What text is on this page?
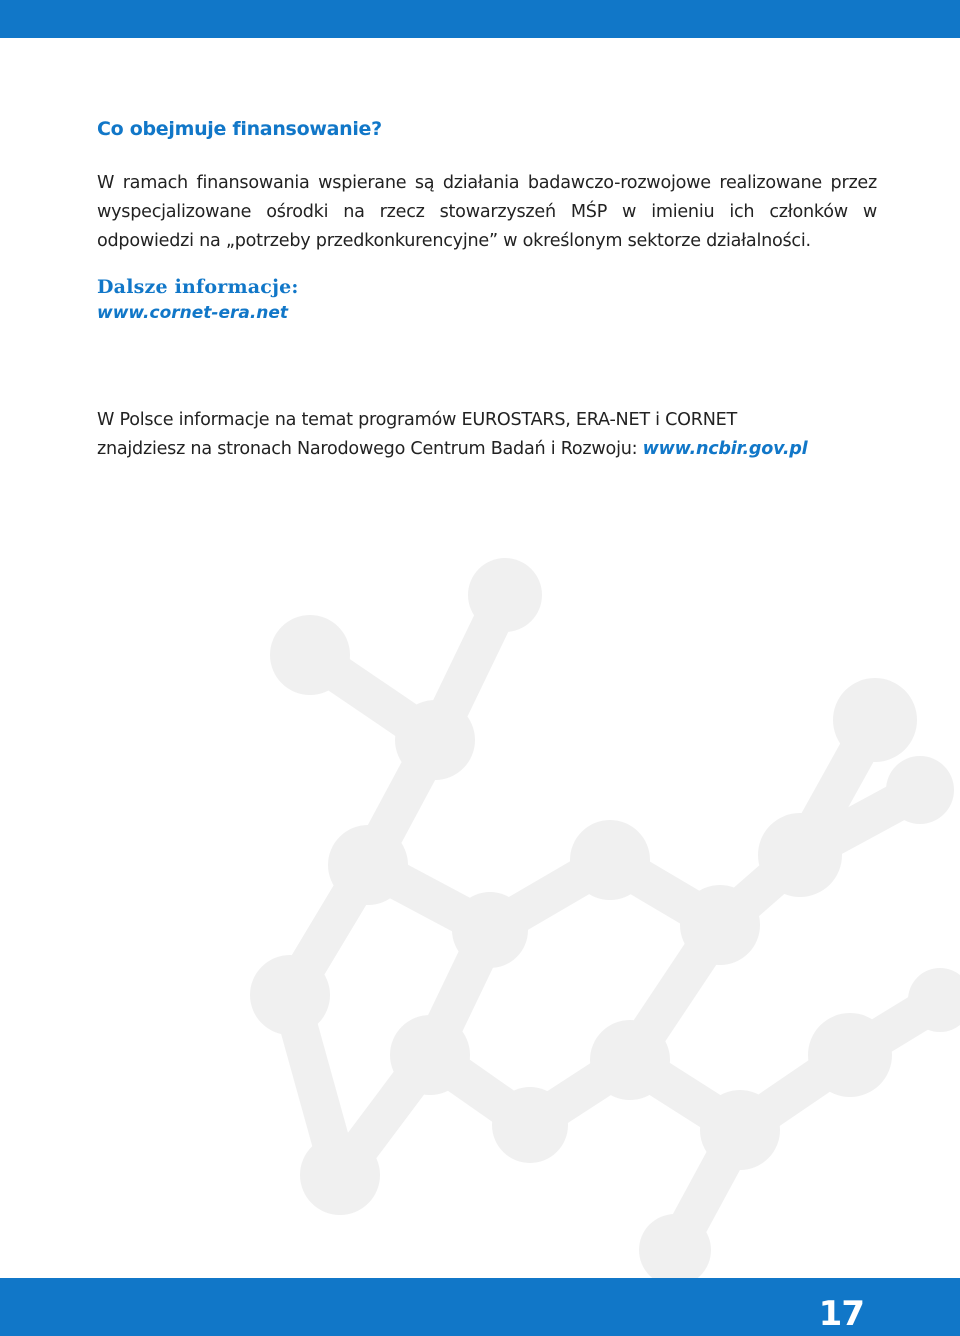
Co obejmuje finansowanie?

W ramach finansowania wspierane są działania badawczo-rozwojowe realizowane przez wyspecjalizowane ośrodki na rzecz stowarzyszeń MŚP w imieniu ich członków w odpowiedzi na „potrzeby przedkonkurencyjne” w określonym sektorze działalności.

Dalsze informacje:
www.cornet-era.net

W Polsce informacje na temat programów EUROSTARS, ERA-NET i CORNET
znajdziesz na stronach Narodowego Centrum Badań i Rozwoju: www.ncbir.gov.pl

17
